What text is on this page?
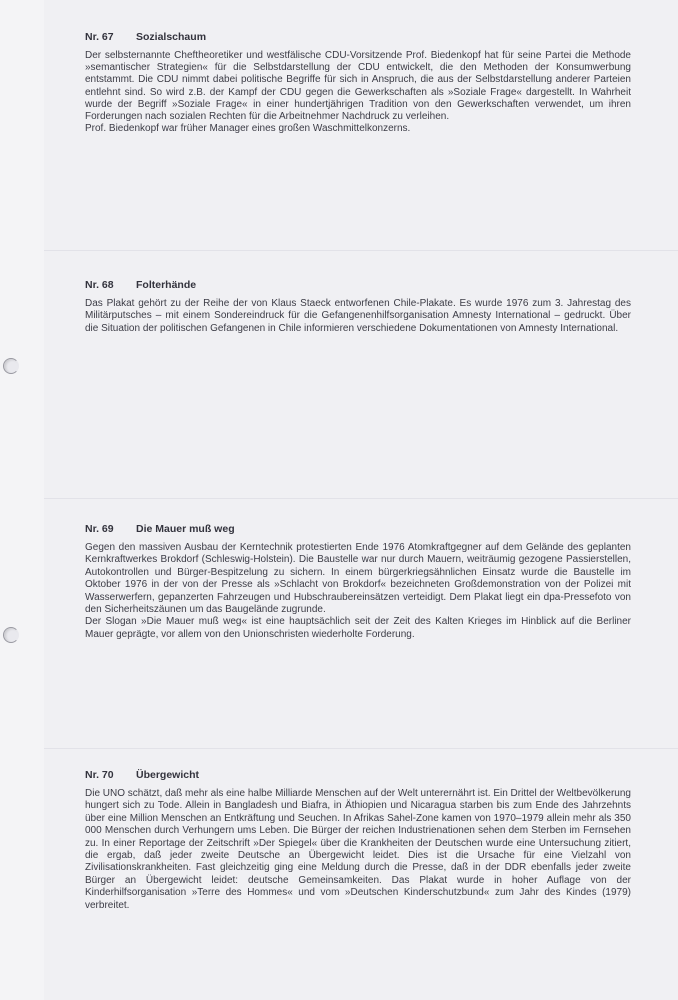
Nr. 67 Sozialschaum

Der selbsternannte Cheftheoretiker und westfälische CDU-Vorsitzende Prof. Biedenkopf hat für seine Partei die Methode »semantischer Strategien« für die Selbstdarstellung der CDU entwickelt, die den Methoden der Konsumwerbung entstammt. Die CDU nimmt dabei politische Begriffe für sich in Anspruch, die aus der Selbstdarstellung anderer Parteien entlehnt sind. So wird z.B. der Kampf der CDU gegen die Gewerkschaften als »Soziale Frage« dargestellt. In Wahrheit wurde der Begriff »Soziale Frage« in einer hundertjährigen Tradition von den Gewerkschaften verwendet, um ihren Forderungen nach sozialen Rechten für die Arbeitnehmer Nachdruck zu verleihen.

Prof. Biedenkopf war früher Manager eines großen Waschmittelkonzerns.

Nr. 68 Folterhände

Das Plakat gehört zu der Reihe der von Klaus Staeck entworfenen Chile-Plakate. Es wurde 1976 zum 3. Jahrestag des Militärputsches – mit einem Sondereindruck für die Gefangenenhilfsorganisation Amnesty International – gedruckt. Über die Situation der politischen Gefangenen in Chile informieren verschiedene Dokumentationen von Amnesty International.

Nr. 69 Die Mauer muß weg

Gegen den massiven Ausbau der Kerntechnik protestierten Ende 1976 Atomkraftgegner auf dem Gelände des geplanten Kernkraftwerkes Brokdorf (Schleswig-Holstein). Die Baustelle war nur durch Mauern, weiträumig gezogene Passierstellen, Autokontrollen und Bürger-Bespitzelung zu sichern. In einem bürgerkriegsähnlichen Einsatz wurde die Baustelle im Oktober 1976 in der von der Presse als »Schlacht von Brokdorf« bezeichneten Großdemonstration von der Polizei mit Wasserwerfern, gepanzerten Fahrzeugen und Hubschraubereinsätzen verteidigt. Dem Plakat liegt ein dpa-Pressefoto von den Sicherheitszäunen um das Baugelände zugrunde.

Der Slogan »Die Mauer muß weg« ist eine hauptsächlich seit der Zeit des Kalten Krieges im Hinblick auf die Berliner Mauer geprägte, vor allem von den Unionschristen wiederholte Forderung.

Nr. 70 Übergewicht

Die UNO schätzt, daß mehr als eine halbe Milliarde Menschen auf der Welt unterernährt ist. Ein Drittel der Weltbevölkerung hungert sich zu Tode. Allein in Bangladesh und Biafra, in Äthiopien und Nicaragua starben bis zum Ende des Jahrzehnts über eine Million Menschen an Entkräftung und Seuchen. In Afrikas Sahel-Zone kamen von 1970–1979 allein mehr als 350 000 Menschen durch Verhungern ums Leben. Die Bürger der reichen Industrienationen sehen dem Sterben im Fernsehen zu. In einer Reportage der Zeitschrift »Der Spiegel« über die Krankheiten der Deutschen wurde eine Untersuchung zitiert, die ergab, daß jeder zweite Deutsche an Übergewicht leidet. Dies ist die Ursache für eine Vielzahl von Zivilisationskrankheiten. Fast gleichzeitig ging eine Meldung durch die Presse, daß in der DDR ebenfalls jeder zweite Bürger an Übergewicht leidet: deutsche Gemeinsamkeiten. Das Plakat wurde in hoher Auflage von der Kinderhilfsorganisation »Terre des Hommes« und vom »Deutschen Kinderschutzbund« zum Jahr des Kindes (1979) verbreitet.
